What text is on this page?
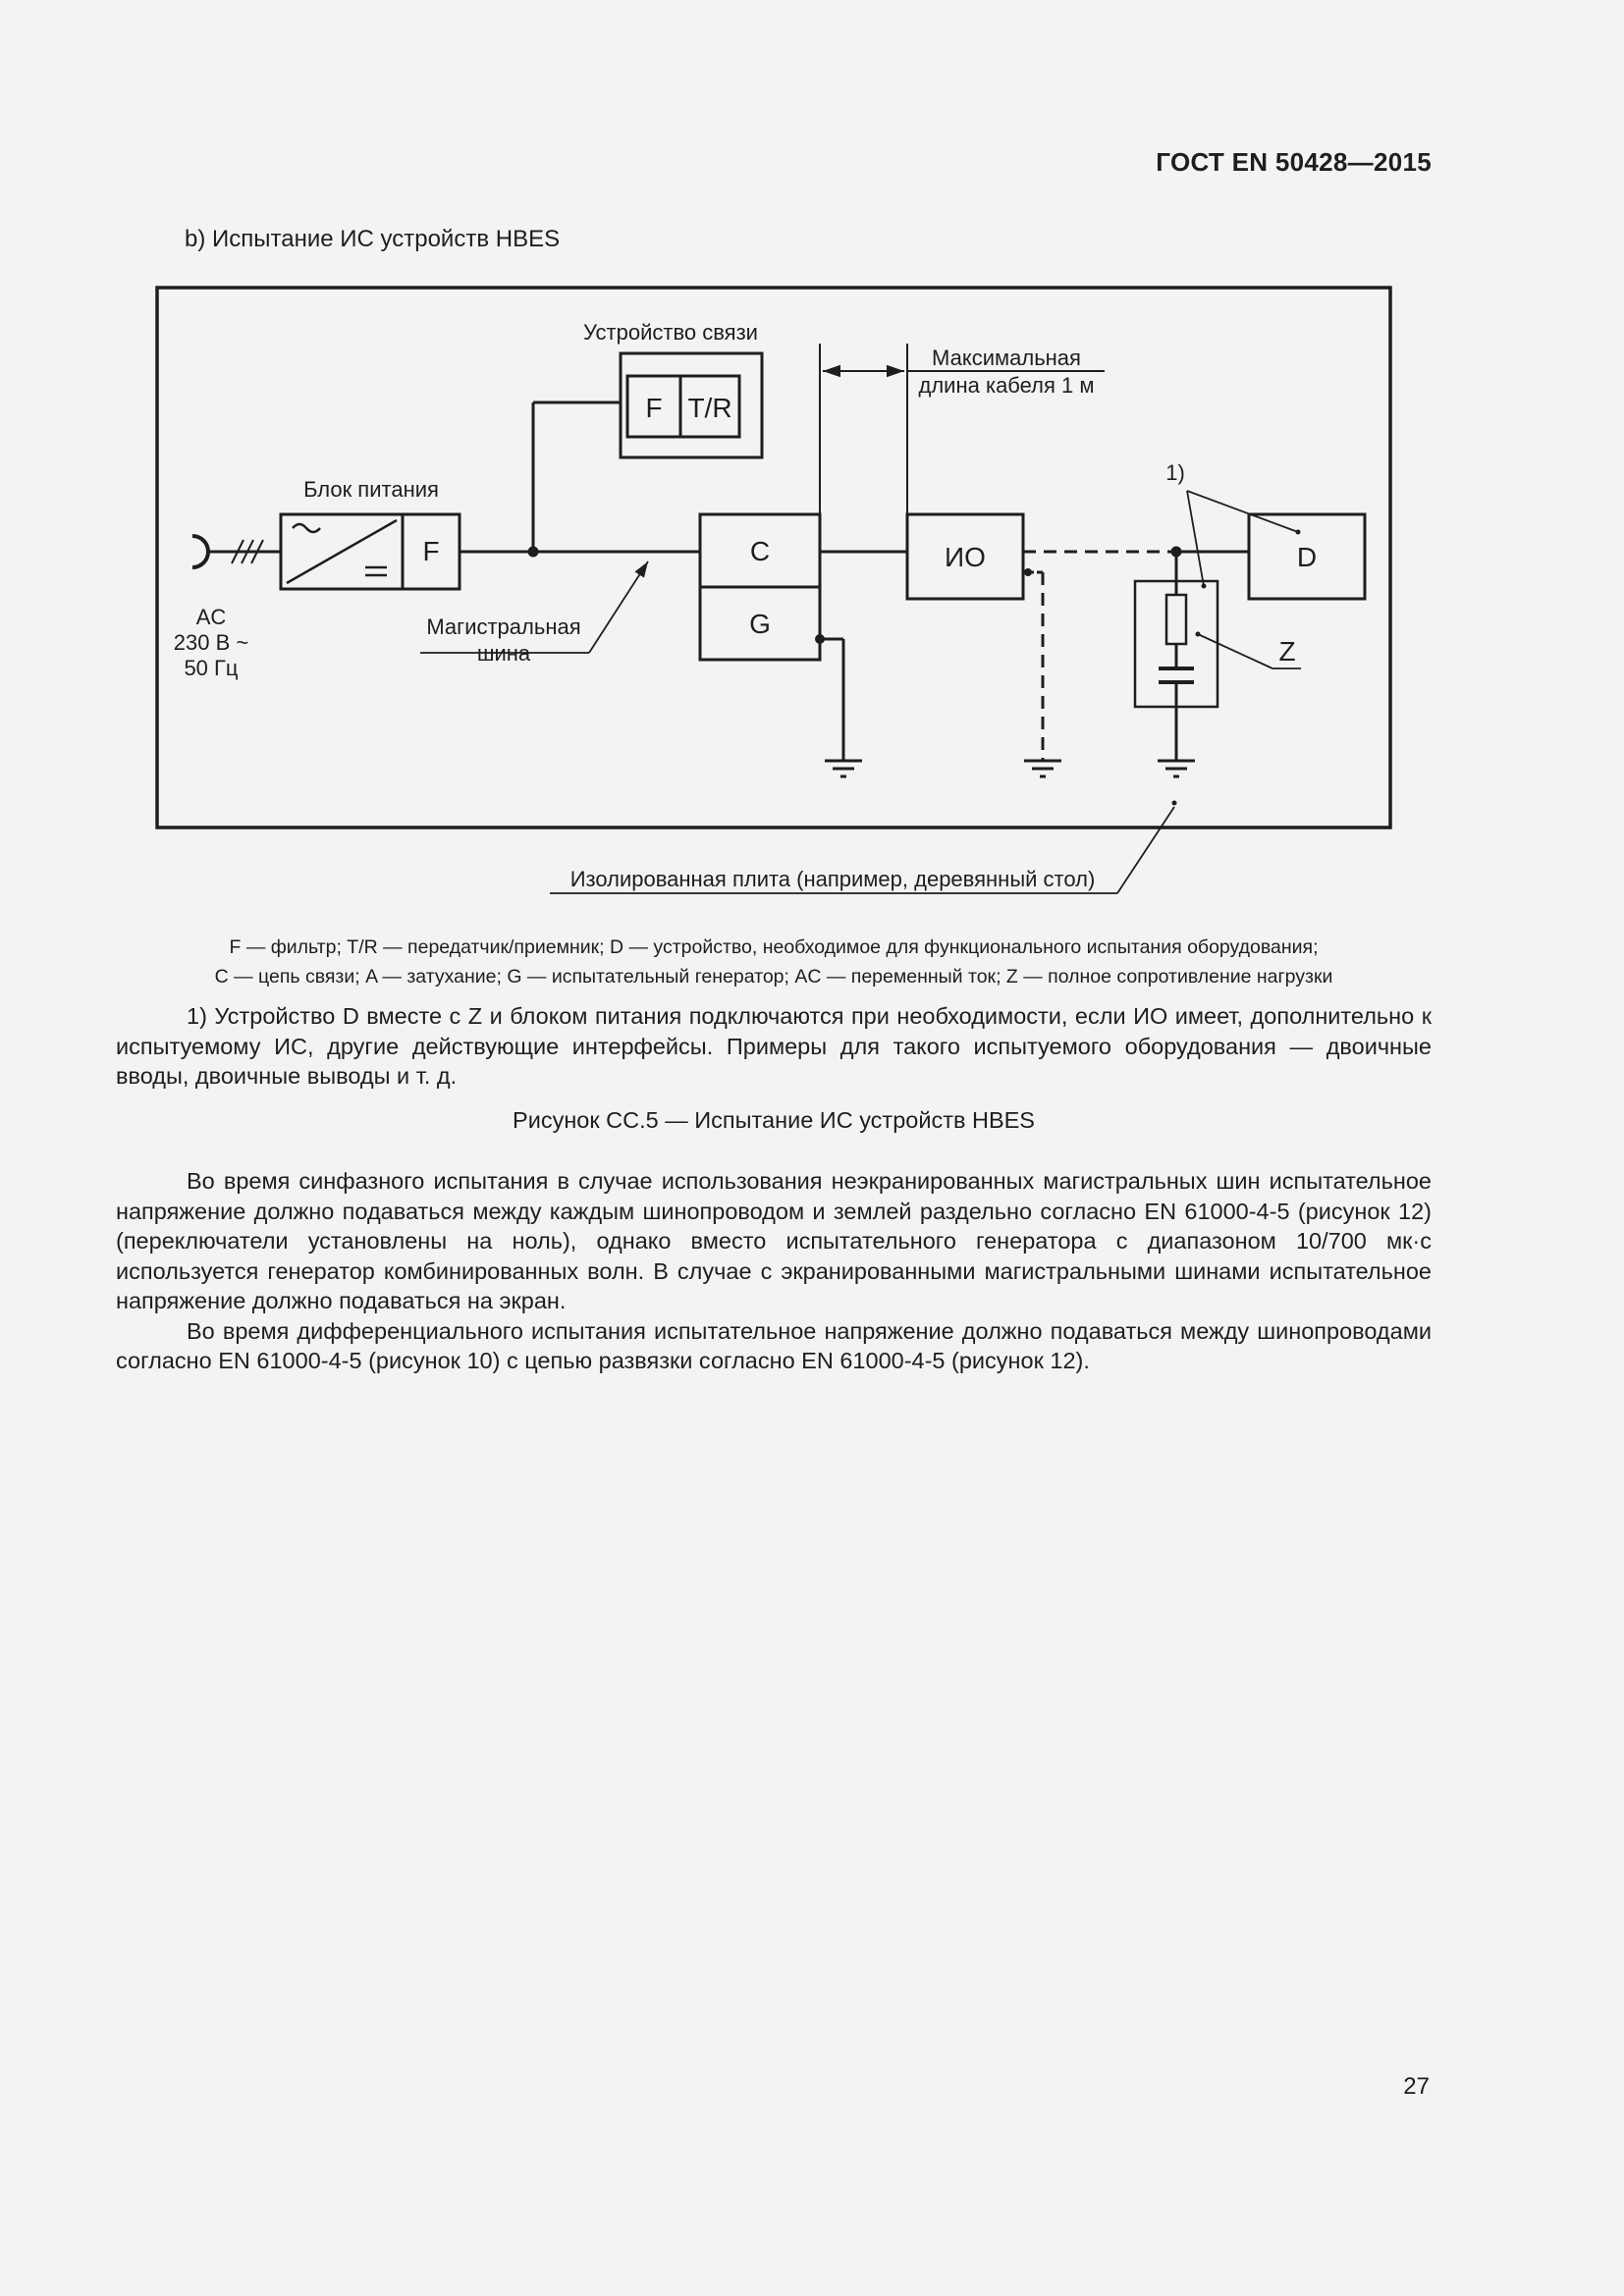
ГОСТ EN 50428—2015
b) Испытание ИС устройств HBES
Устройство связи
Максимальная
длина кабеля 1 м
Блок питания
1)
Магистральная
шина
AC
230 В ~
50 Гц
Изолированная плита (например, деревянный стол)
F
F T/R
C
G
ИО	D
Z
F — фильтр; T/R — передатчик/приемник; D — устройство, необходимое для функционального испытания оборудования;
C — цепь связи; A — затухание; G — испытательный генератор; AC — переменный ток; Z — полное сопротивление нагрузки

1) Устройство D вместе с Z и блоком питания подключаются при необходимости, если ИО имеет, дополнительно к испытуемому ИС, другие действующие интерфейсы. Примеры для такого испытуемого оборудования — двоичные вводы, двоичные выводы и т. д.

Рисунок CC.5 — Испытание ИС устройств HBES

Во время синфазного испытания в случае использования неэкранированных магистральных шин испытательное напряжение должно подаваться между каждым шинопроводом и землей раздельно согласно EN 61000-4-5 (рисунок 12) (переключатели установлены на ноль), однако вместо испытательного генератора с диапазоном 10/700 мк·с используется генератор комбинированных волн. В случае с экранированными магистральными шинами испытательное напряжение должно подаваться на экран.

Во время дифференциального испытания испытательное напряжение должно подаваться между шинопроводами согласно EN 61000-4-5 (рисунок 10) с цепью развязки согласно EN 61000-4-5 (рисунок 12).

27
